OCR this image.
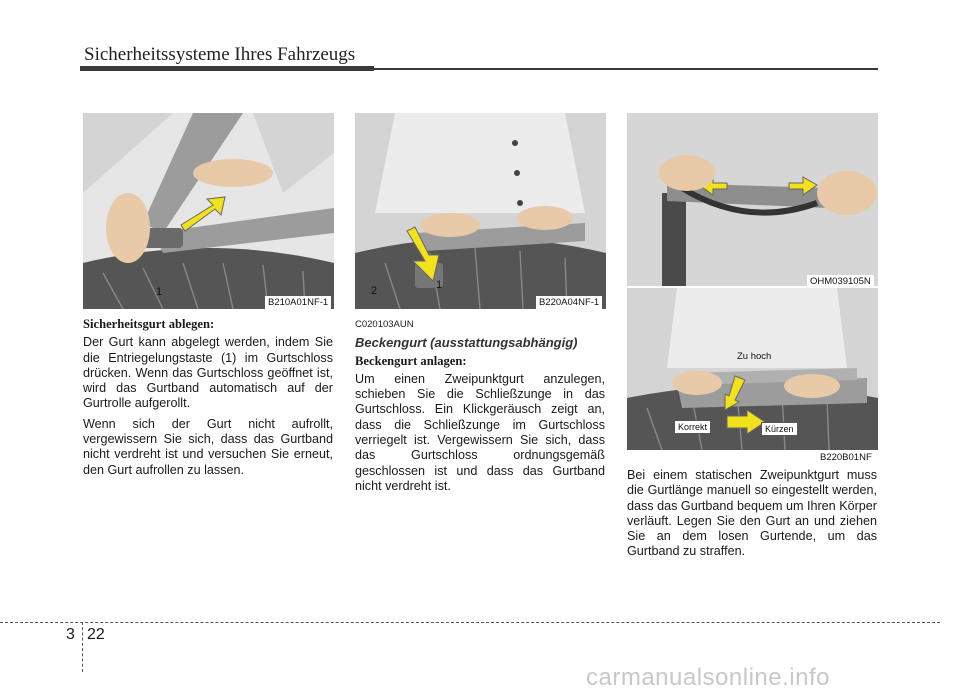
Sicherheitssysteme Ihres Fahrzeugs
1
B210A01NF-1
2	1
B220A04NF-1
OHM039105N
Zu hoch
Korrekt	Kürzen
B220B01NF
Sicherheitsgurt ablegen:

Der Gurt kann abgelegt werden, indem Sie die Entriegelungstaste (1) im Gurtschloss drücken. Wenn das Gurtschloss geöffnet ist, wird das Gurtband automatisch auf der Gurtrolle aufgerollt.

Wenn sich der Gurt nicht aufrollt, vergewissern Sie sich, dass das Gurtband nicht verdreht ist und versuchen Sie erneut, den Gurt aufrollen zu lassen.

C020103AUN
Beckengurt (ausstattungsabhängig)
Beckengurt anlagen:

Um einen Zweipunktgurt anzulegen, schieben Sie die Schließzunge in das Gurtschloss. Ein Klickgeräusch zeigt an, dass die Schließzunge im Gurtschloss verriegelt ist. Vergewissern Sie sich, dass das Gurtschloss ordnungsgemäß geschlossen ist und dass das Gurtband nicht verdreht ist.

Bei einem statischen Zweipunktgurt muss die Gurtlänge manuell so eingestellt werden, dass das Gurtband bequem um Ihren Körper verläuft. Legen Sie den Gurt an und ziehen Sie an dem losen Gurtende, um das Gurtband zu straffen.

3 22
carmanualsonline.info
